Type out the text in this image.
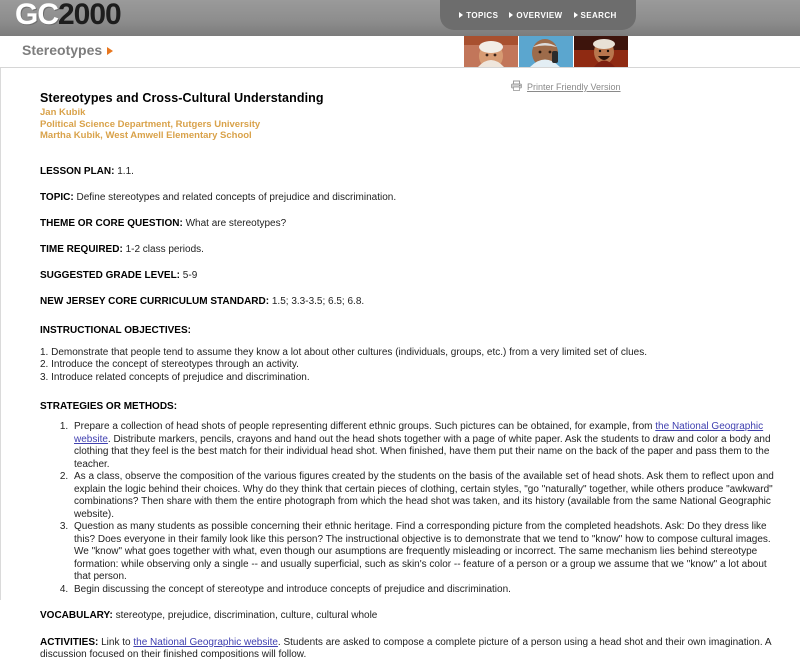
GC2000	TOPICS OVERVIEW SEARCH
Stereotypes
Printer Friendly Version
Stereotypes and Cross-Cultural Understanding
Jan Kubik
Political Science Department, Rutgers University
Martha Kubik, West Amwell Elementary School
LESSON PLAN: 1.1.
TOPIC: Define stereotypes and related concepts of prejudice and discrimination.
THEME OR CORE QUESTION: What are stereotypes?
TIME REQUIRED: 1-2 class periods.
SUGGESTED GRADE LEVEL: 5-9
NEW JERSEY CORE CURRICULUM STANDARD: 1.5; 3.3-3.5; 6.5; 6.8.
INSTRUCTIONAL OBJECTIVES:
1. Demonstrate that people tend to assume they know a lot about other cultures (individuals, groups, etc.) from a very limited set of clues.
2. Introduce the concept of stereotypes through an activity.
3. Introduce related concepts of prejudice and discrimination.
STRATEGIES OR METHODS:
1. Prepare a collection of head shots of people representing different ethnic groups. Such pictures can be obtained, for example, from the National Geographic website. Distribute markers, pencils, crayons and hand out the head shots together with a page of white paper. Ask the students to draw and color a body and clothing that they feel is the best match for their individual head shot. When finished, have them put their name on the back of the paper and pass them to the teacher.
2. As a class, observe the composition of the various figures created by the students on the basis of the available set of head shots. Ask them to reflect upon and explain the logic behind their choices. Why do they think that certain pieces of clothing, certain styles, "go "naturally" together, while others produce "awkward" combinations? Then share with them the entire photograph from which the head shot was taken, and its history (available from the same National Geographic website).
3. Question as many students as possible concerning their ethnic heritage. Find a corresponding picture from the completed headshots. Ask: Do they dress like this? Does everyone in their family look like this person? The instructional objective is to demonstrate that we tend to "know" how to compose cultural images. We "know" what goes together with what, even though our asumptions are frequently misleading or incorrect. The same mechanism lies behind stereotype formation: while observing only a single -- and usually superficial, such as skin's color -- feature of a person or a group we assume that we "know" a lot about that person.
4. Begin discussing the concept of stereotype and introduce concepts of prejudice and discrimination.
VOCABULARY: stereotype, prejudice, discrimination, culture, cultural whole
ACTIVITIES: Link to the National Geographic website. Students are asked to compose a complete picture of a person using a head shot and their own imagination. A discussion focused on their finished compositions will follow.
